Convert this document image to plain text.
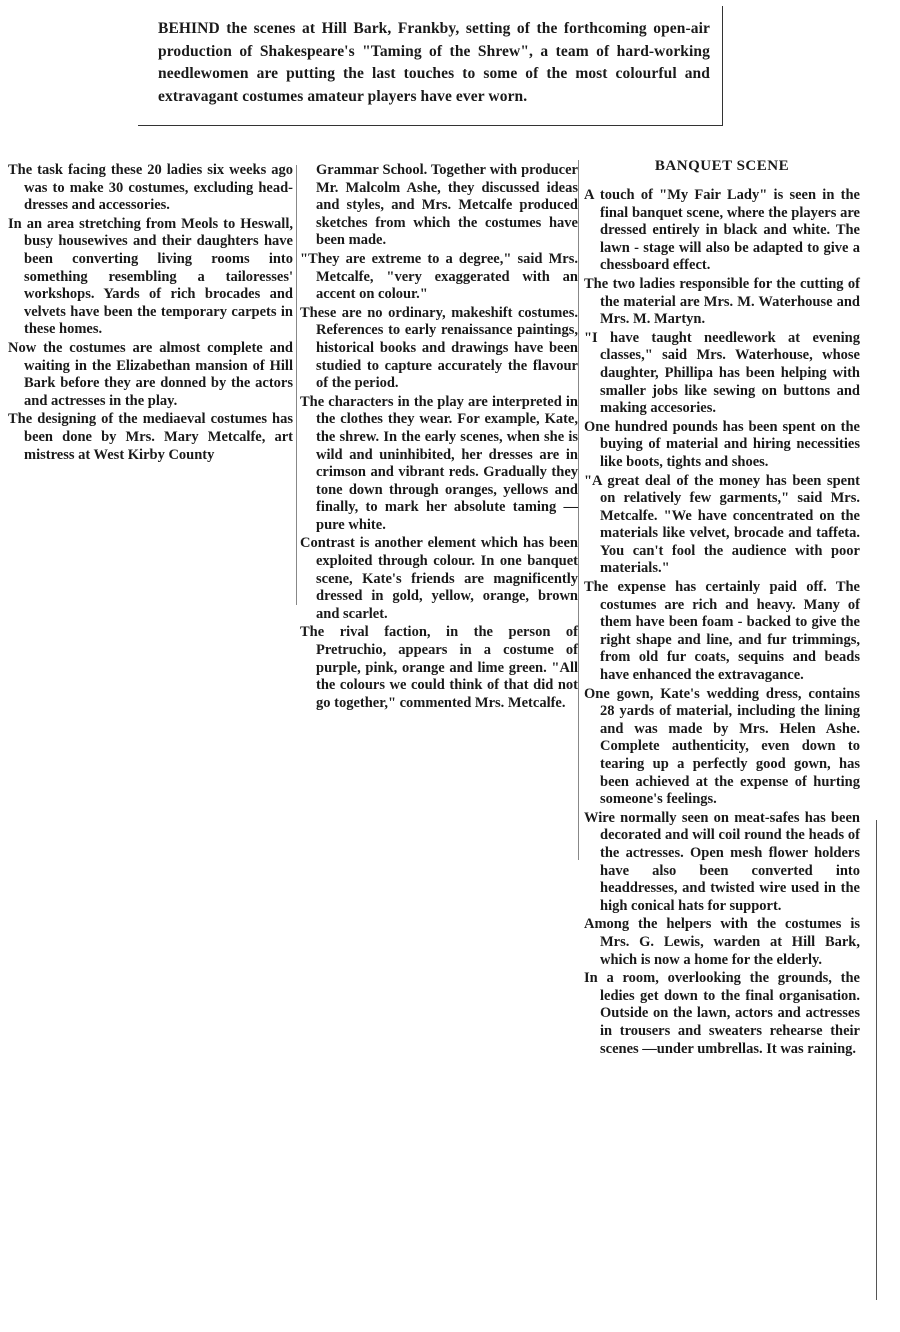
BEHIND the scenes at Hill Bark, Frankby, setting of the forthcoming open-air production of Shakespeare's "Taming of the Shrew", a team of hard-working needlewomen are putting the last touches to some of the most colourful and extravagant costumes amateur players have ever worn.

The task facing these 20 ladies six weeks ago was to make 30 costumes, excluding head-dresses and accessories.

In an area stretching from Meols to Heswall, busy housewives and their daughters have been converting living rooms into something resembling a tailoresses' workshops. Yards of rich brocades and velvets have been the temporary carpets in these homes.

Now the costumes are almost complete and waiting in the Elizabethan mansion of Hill Bark before they are donned by the actors and actresses in the play.

The designing of the mediaeval costumes has been done by Mrs. Mary Metcalfe, art mistress at West Kirby County

Grammar School. Together with producer Mr. Malcolm Ashe, they discussed ideas and styles, and Mrs. Metcalfe produced sketches from which the costumes have been made.

"They are extreme to a degree," said Mrs. Metcalfe, "very exaggerated with an accent on colour."

These are no ordinary, makeshift costumes. References to early renaissance paintings, historical books and drawings have been studied to capture accurately the flavour of the period.

The characters in the play are interpreted in the clothes they wear. For example, Kate, the shrew. In the early scenes, when she is wild and uninhibited, her dresses are in crimson and vibrant reds. Gradually they tone down through oranges, yellows and finally, to mark her absolute taming —pure white.

Contrast is another element which has been exploited through colour. In one banquet scene, Kate's friends are magnificently dressed in gold, yellow, orange, brown and scarlet.

The rival faction, in the person of Pretruchio, appears in a costume of purple, pink, orange and lime green. "All the colours we could think of that did not go together," commented Mrs. Metcalfe.

BANQUET SCENE

A touch of "My Fair Lady" is seen in the final banquet scene, where the players are dressed entirely in black and white. The lawn - stage will also be adapted to give a chessboard effect.

The two ladies responsible for the cutting of the material are Mrs. M. Waterhouse and Mrs. M. Martyn.

"I have taught needlework at evening classes," said Mrs. Waterhouse, whose daughter, Phillipa has been helping with smaller jobs like sewing on buttons and making accesories.

One hundred pounds has been spent on the buying of material and hiring necessities like boots, tights and shoes.

"A great deal of the money has been spent on relatively few garments," said Mrs. Metcalfe. "We have concentrated on the materials like velvet, brocade and taffeta. You can't fool the audience with poor materials."

The expense has certainly paid off. The costumes are rich and heavy. Many of them have been foam - backed to give the right shape and line, and fur trimmings, from old fur coats, sequins and beads have enhanced the extravagance.

One gown, Kate's wedding dress, contains 28 yards of material, including the lining and was made by Mrs. Helen Ashe. Complete authenticity, even down to tearing up a perfectly good gown, has been achieved at the expense of hurting someone's feelings.

Wire normally seen on meat-safes has been decorated and will coil round the heads of the actresses. Open mesh flower holders have also been converted into headdresses, and twisted wire used in the high conical hats for support.

Among the helpers with the costumes is Mrs. G. Lewis, warden at Hill Bark, which is now a home for the elderly.

In a room, overlooking the grounds, the ledies get down to the final organisation. Outside on the lawn, actors and actresses in trousers and sweaters rehearse their scenes —under umbrellas. It was raining.
